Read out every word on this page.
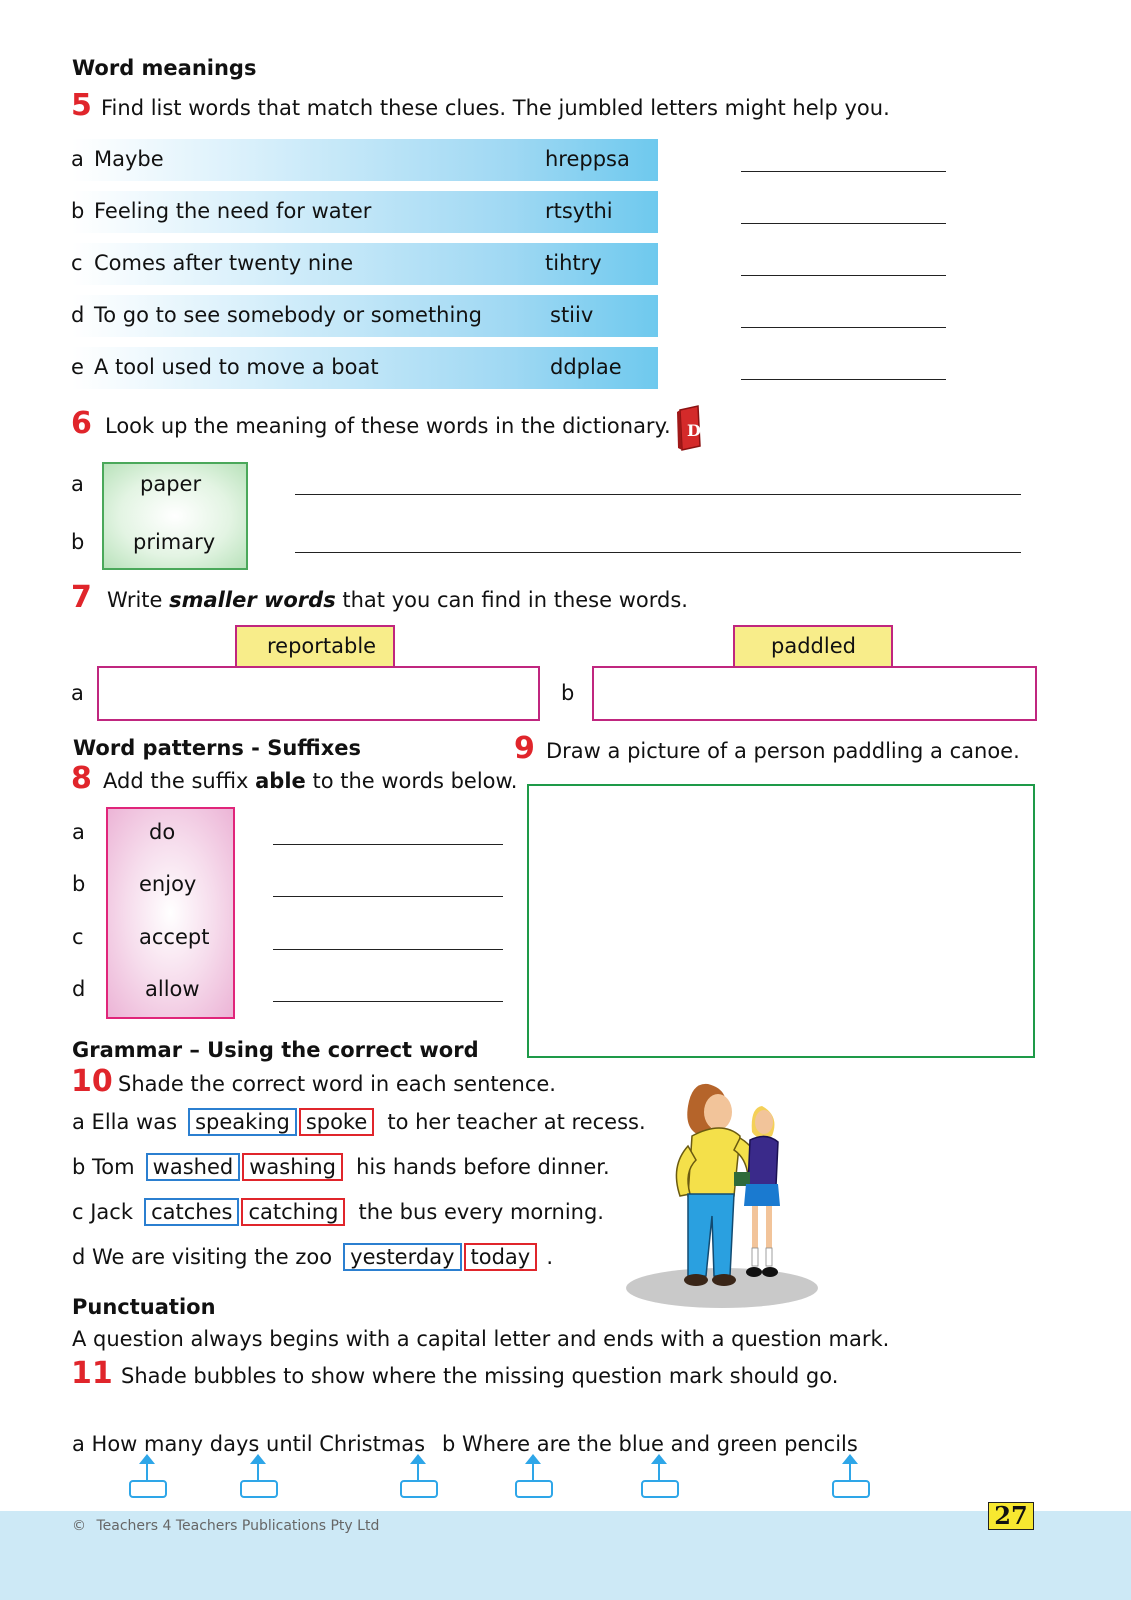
Word meanings
5 Find list words that match these clues. The jumbled letters might help you.
a Maybe	hreppsa
b Feeling the need for water	rtsythi
c Comes after twenty nine	tihtry
d To go to see somebody or something	stiiv
e A tool used to move a boat	ddplae
6 Look up the meaning of these words in the dictionary. D
a	paper
b primary
7 Write smaller words that you can find in these words.
reportable	paddled
a	b
Word patterns - Suffixes
8 Add the suffix able to the words below.
a	do
b	enjoy
c	accept
d	allow
9 Draw a picture of a person paddling a canoe.
Grammar – Using the correct word
10 Shade the correct word in each sentence.
a Ella was speaking spoke to her teacher at recess.
b Tom washed washing his hands before dinner.
c Jack catches catching the bus every morning.
d We are visiting the zoo yesterday today .
Punctuation
A question always begins with a capital letter and ends with a question mark.
11 Shade bubbles to show where the missing question mark should go.
a How many days until Christmas b Where are the blue and green pencils
© Teachers 4 Teachers Publications Pty Ltd	27
